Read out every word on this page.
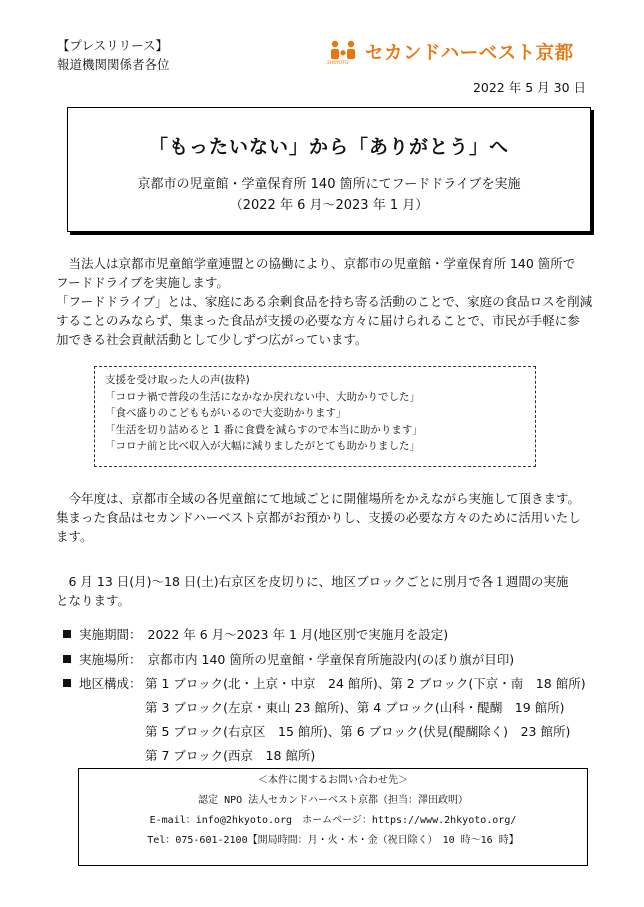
【プレスリリース】
報道機関関係者各位	2HKYOTO セカンドハーベスト京都
2022 年 5 月 30 日
「もったいない」から「ありがとう」へ
京都市の児童館・学童保育所 140 箇所にてフードドライブを実施
（2022 年 6 月～2023 年 1 月）

　当法人は京都市児童館学童連盟との協働により、京都市の児童館・学童保育所 140 箇所で

フードドライブを実施します。

「フードドライブ」とは、家庭にある余剰食品を持ち寄る活動のことで、家庭の食品ロスを削減

することのみならず、集まった食品が支援の必要な方々に届けられることで、市民が手軽に参

加できる社会貢献活動として少しずつ広がっています。

支援を受け取った人の声(抜粋)
「コロナ禍で普段の生活になかなか戻れない中、大助かりでした」
「食べ盛りのこどももがいるので大変助かります」
「生活を切り詰めると 1 番に食費を減らすので本当に助かります」
「コロナ前と比べ収入が大幅に減りましたがとても助かりました」

　今年度は、京都市全域の各児童館にて地域ごとに開催場所をかえながら実施して頂きます。

集まった食品はセカンドハーベスト京都がお預かりし、支援の必要な方々のために活用いたし

ます。

　6 月 13 日(月)～18 日(土)右京区を皮切りに、地区ブロックごとに別月で各１週間の実施

となります。

実施期間： 2022 年 6 月～2023 年 1 月(地区別で実施月を設定)
実施場所： 京都市内 140 箇所の児童館・学童保育所施設内(のぼり旗が目印)
地区構成： 第 1 ブロック(北・上京・中京　24 館所)、第 2 ブロック(下京・南　18 館所)
第 3 ブロック(左京・東山 23 館所)、第 4 ブロック(山科・醍醐　19 館所)
第 5 ブロック(右京区　15 館所)、第 6 ブロック(伏見(醍醐除く)　23 館所)
第 7 ブロック(西京　18 館所)
＜本件に関するお問い合わせ先＞
認定 NPO 法人セカンドハーベスト京都（担当：澤田政明）
E-mail：info@2hkyoto.org　ホームページ：https://www.2hkyoto.org/
Tel：075-601-2100【開局時間：月・火・木・金（祝日除く）　10 時～16 時】
